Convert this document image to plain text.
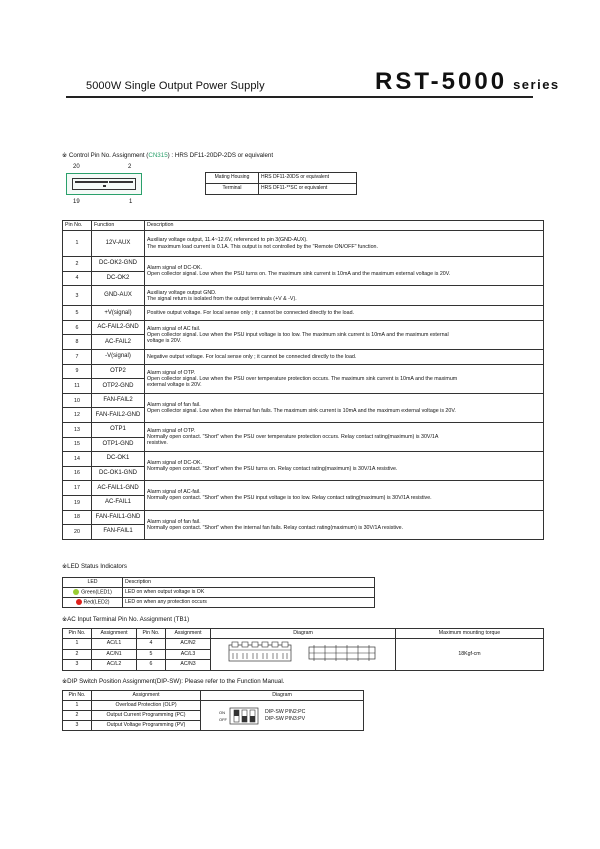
5000W Single Output Power Supply	RST-5000 series
※ Control Pin No. Assignment (CN315) : HRS DF11-20DP-2DS or equivalent
20	2
19	1
Mating Housing	HRS DF11-20DS or equivalent
Terminal	HRS DF11-**SC or equivalent
Pin No.	Function	Description
1	12V-AUX	Auxiliary voltage output, 11.4~12.6V, referenced to pin 3(GND-AUX).
The maximum load current is 0.1A. This output is not controlled by the "Remote ON/OFF" function.
2	DC-OK2-GND	Alarm signal of DC-OK.
Open collector signal. Low when the PSU turns on. The maximum sink current is 10mA and the maximum external voltage is 20V.
4	DC-OK2	
3	GND-AUX	Auxiliary voltage output GND.
The signal return is isolated from the output terminals (+V & -V).
5	+V(signal)	Positive output voltage. For local sense only ; it cannot be connected directly to the load.
6	AC-FAIL2-GND	Alarm signal of AC fail.
Open collector signal. Low when the PSU input voltage is too low. The maximum sink current is 10mA and the maximum external
voltage is 20V.
8	AC-FAIL2	
7	-V(signal)	Negative output voltage. For local sense only ; it cannot be connected directly to the load.
9	OTP2	Alarm signal of OTP.
Open collector signal. Low when the PSU over temperature protection occurs. The maximum sink current is 10mA and the maximum
external voltage is 20V.
11	OTP2-GND	
10	FAN-FAIL2	Alarm signal of fan fail.
Open collector signal. Low when the internal fan fails. The maximum sink current is 10mA and the maximum external voltage is 20V.
12	FAN-FAIL2-GND	
13	OTP1	Alarm signal of OTP.
Normally open contact. "Short" when the PSU over temperature protection occurs. Relay contact rating(maximum) is 30V/1A
resistive.
15	OTP1-GND	
14	DC-OK1	Alarm signal of DC-OK.
Normally open contact. "Short" when the PSU turns on. Relay contact rating(maximum) is 30V/1A resistive.
16	DC-OK1-GND	
17	AC-FAIL1-GND	Alarm signal of AC-fail.
Normally open contact. "Short" when the PSU input voltage is too low. Relay contact rating(maximum) is 30V/1A resistive.
19	AC-FAIL1	
18	FAN-FAIL1-GND	Alarm signal of fan fail.
Normally open contact. "Short" when the internal fan fails. Relay contact rating(maximum) is 30V/1A resistive.
20	FAN-FAIL1	
※LED Status Indicators
LED	Description
Green(LED1)	LED on when output voltage is OK
Red(LED2)	LED on when any protection occurs
※AC Input Terminal Pin No. Assignment (TB1)
Pin No.	Assignment	Pin No.	Assignment	Diagram	Maximum mounting torque
1	AC/L1	4	AC/N2		18Kgf-cm
2	AC/N1	5	AC/L3		
3	AC/L2	6	AC/N3		
※DIP Switch Position Assignment(DIP-SW): Please refer to the Function Manual.
Pin No.	Assignment	Diagram
1	Overload Protection (OLP)	ON
OFF
DIP-SW PIN2:PC
DIP-SW PIN3:PV

2	Output Current Programming (PC)	
3	Output Voltage Programming (PV)	
